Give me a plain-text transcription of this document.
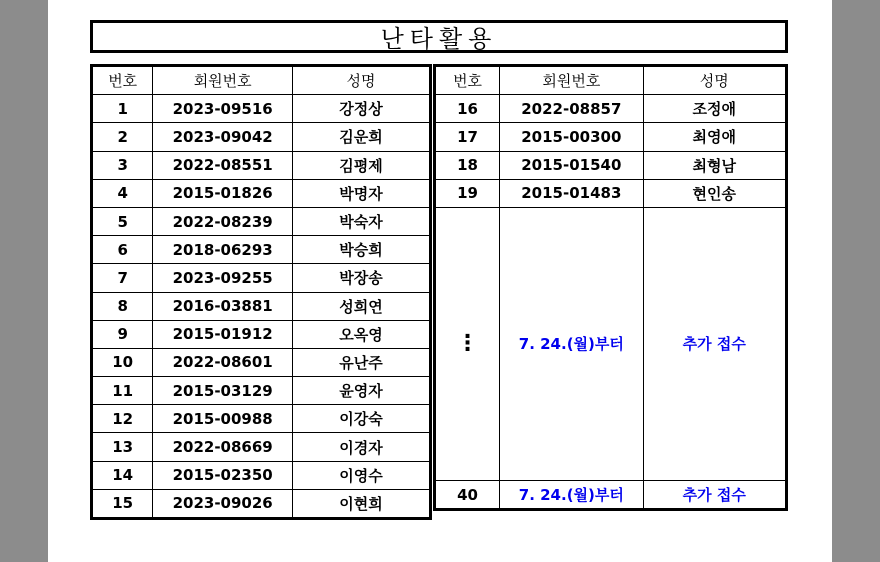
난타활용
번호	회원번호	성명
1	2023-09516	강정상
2	2023-09042	김운희
3	2022-08551	김평제
4	2015-01826	박명자
5	2022-08239	박숙자
6	2018-06293	박승희
7	2023-09255	박장송
8	2016-03881	성희연
9	2015-01912	오옥영
10	2022-08601	유난주
11	2015-03129	윤영자
12	2015-00988	이강숙
13	2022-08669	이경자
14	2015-02350	이영수
15	2023-09026	이현희
번호	회원번호	성명
16	2022-08857	조정애
17	2015-00300	최영애
18	2015-01540	최형남
19	2015-01483	현인송
⋮	7. 24.(월)부터	추가 접수
40	7. 24.(월)부터	추가 접수
